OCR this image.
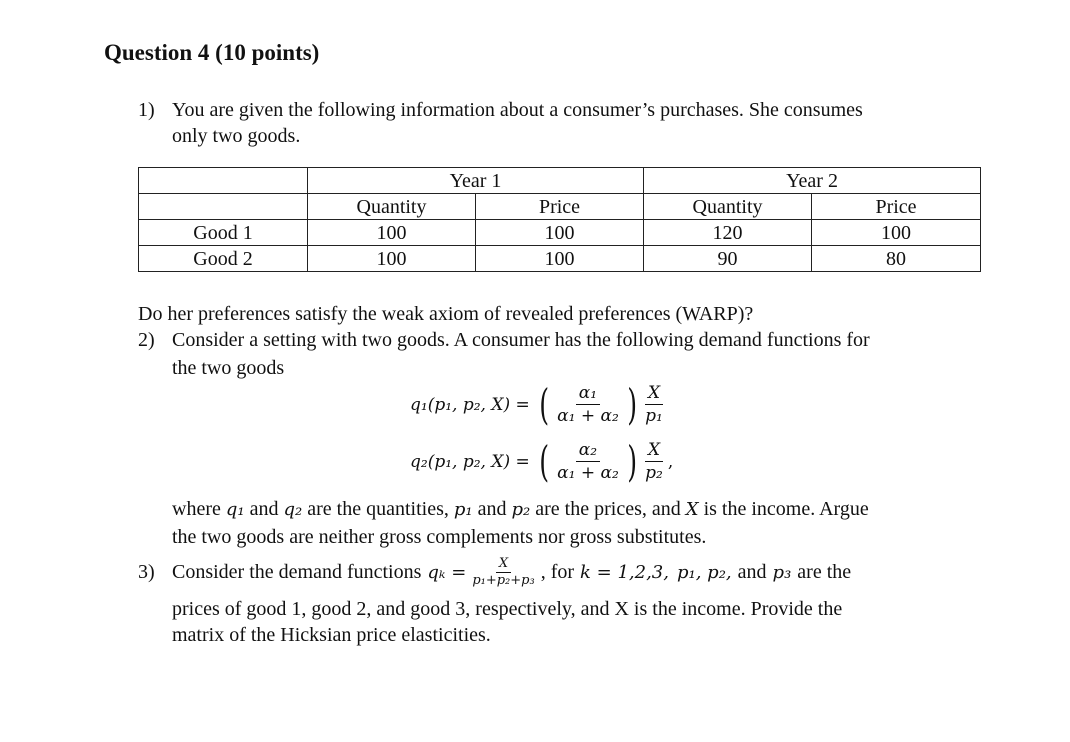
Question 4 (10 points)
1) You are given the following information about a consumer’s purchases. She consumes
only two goods.
	Year 1		Year 2	
	Quantity	Price	Quantity	Price
Good 1	100	100	120	100
Good 2	100	100	90	80
Do her preferences satisfy the weak axiom of revealed preferences (WARP)?
2) Consider a setting with two goods. A consumer has the following demand functions for
the two goods
q₁(p₁, p₂, X) = ( $\frac{\text{α₁}}{\text{α₁ + α₂}}$ ) $\frac{X}{\text{p₁}}$
q₂(p₁, p₂, X) = ( $\frac{\text{α₂}}{\text{α₁ + α₂}}$ ) $\frac{X}{\text{p₂}}$ ,
where q₁ and q₂ are the quantities, p₁ and p₂ are the prices, and X is the income. Argue
the two goods are neither gross complements nor gross substitutes.
3) Consider the demand functions $q_k = \frac{X}{\text{p₁+p₂+p₃}}$ , for k = 1,2,3, p₁, p₂, and p₃ are the
prices of good 1, good 2, and good 3, respectively, and X is the income. Provide the
matrix of the Hicksian price elasticities.
